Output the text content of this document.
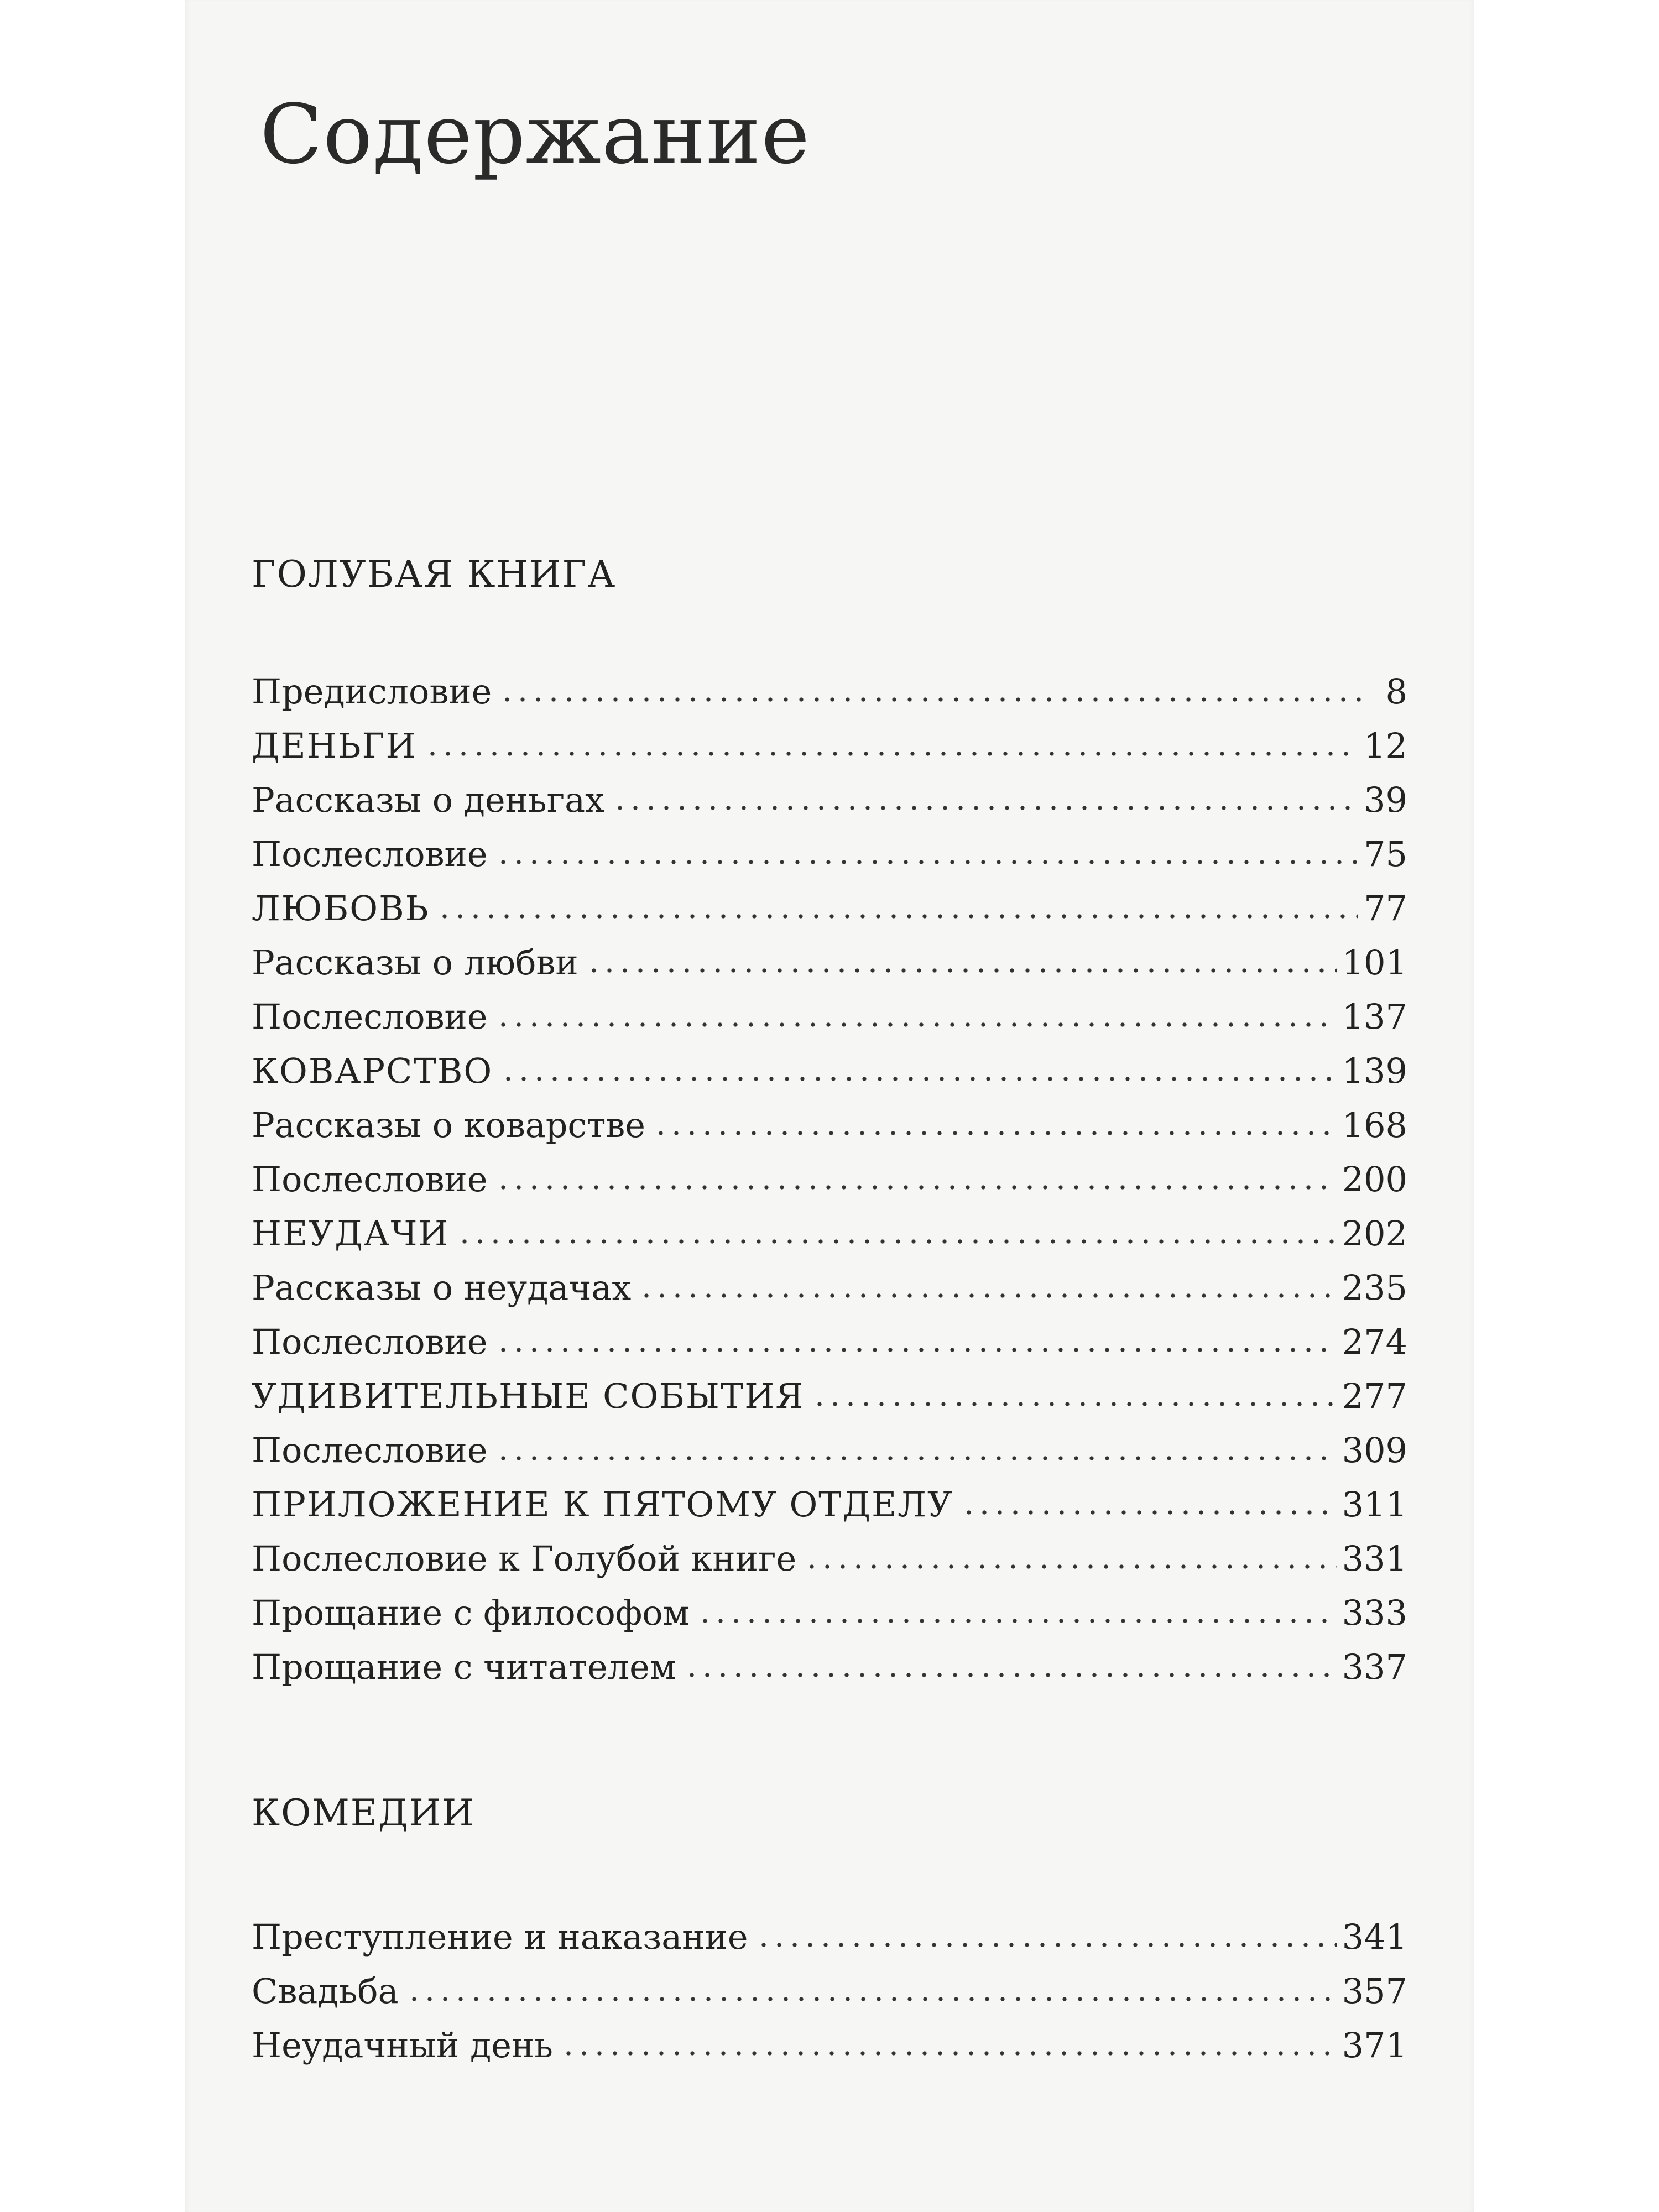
Содержание
ГОЛУБАЯ КНИГА
Предисловие	8
ДЕНЬГИ	12
Рассказы о деньгах	39
Послесловие	75
ЛЮБОВЬ	77
Рассказы о любви	101
Послесловие	137
КОВАРСТВО	139
Рассказы о коварстве	168
Послесловие	200
НЕУДАЧИ	202
Рассказы о неудачах	235
Послесловие	274
УДИВИТЕЛЬНЫЕ СОБЫТИЯ	277
Послесловие	309
ПРИЛОЖЕНИЕ К ПЯТОМУ ОТДЕЛУ	311
Послесловие к Голубой книге	331
Прощание с философом	333
Прощание с читателем	337
КОМЕДИИ
Преступление и наказание	341
Свадьба	357
Неудачный день	371
